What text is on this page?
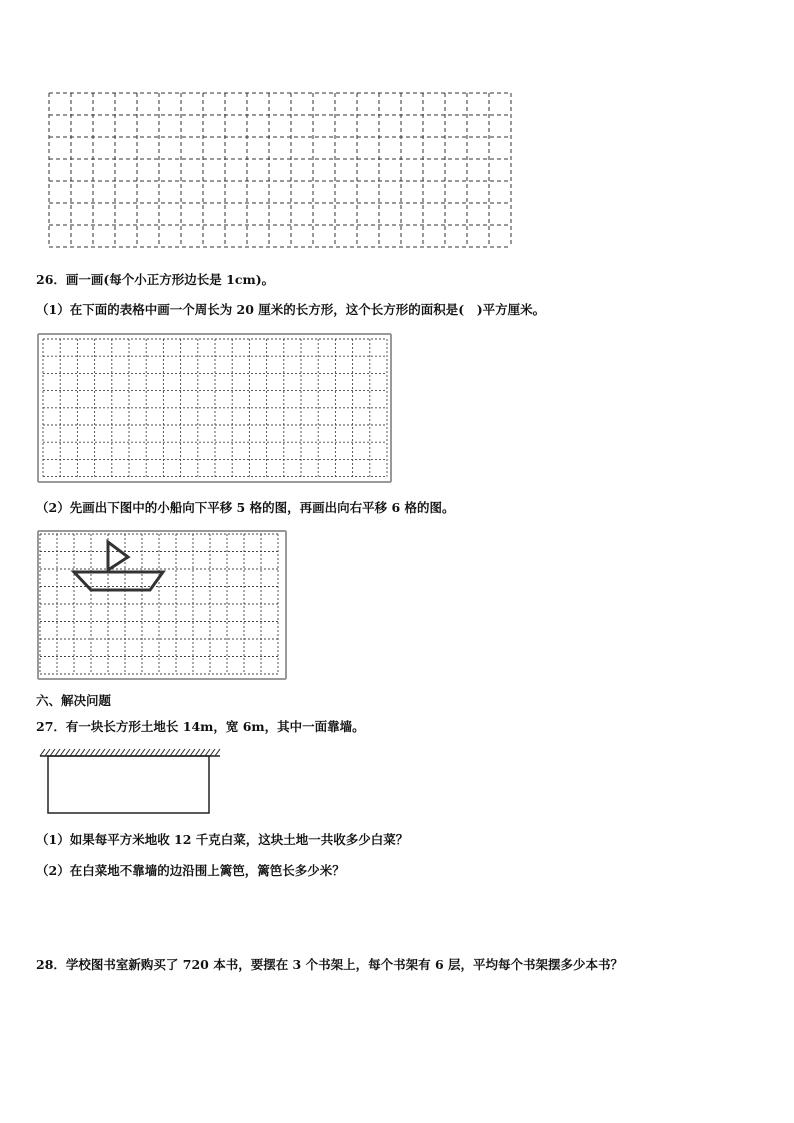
26．画一画(每个小正方形边长是 1cm)。
（1）在下面的表格中画一个周长为 20 厘米的长方形，这个长方形的面积是(　)平方厘米。
（2）先画出下图中的小船向下平移 5 格的图，再画出向右平移 6 格的图。
六、解决问题
27．有一块长方形土地长 14m，宽 6m，其中一面靠墙。
（1）如果每平方米地收 12 千克白菜，这块土地一共收多少白菜？
（2）在白菜地不靠墙的边沿围上篱笆，篱笆长多少米？
28．学校图书室新购买了 720 本书，要摆在 3 个书架上，每个书架有 6 层，平均每个书架摆多少本书？
